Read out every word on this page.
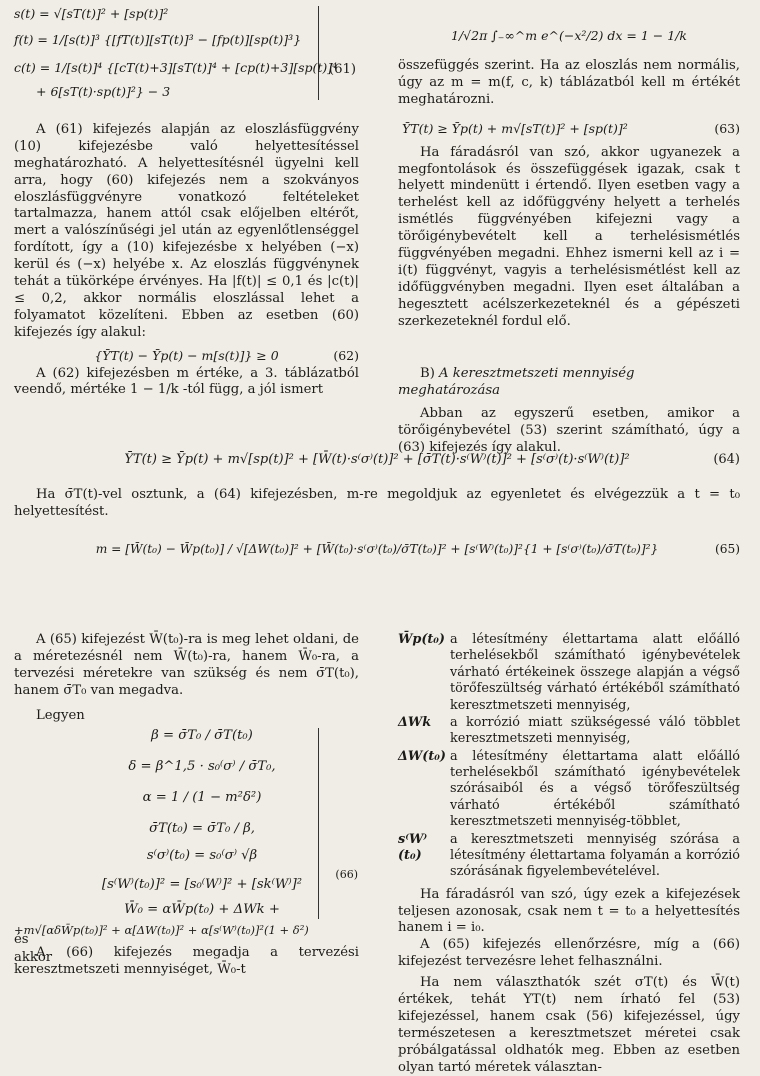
s(t) = √[sT(t)]² + [sp(t)]²
f(t) = 1/[s(t)]³ {[fT(t)][sT(t)]³ − [fp(t)][sp(t)]³}
c(t) = 1/[s(t)]⁴ {[cT(t)+3][sT(t)]⁴ + [cp(t)+3][sp(t)]⁴
+ 6[sT(t)·sp(t)]²} − 3
(61)

A (61) kifejezés alapján az eloszlásfüggvény (10) kifejezésbe való helyettesítéssel meghatározható. A helyettesítésnél ügyelni kell arra, hogy (60) kifejezés nem a szokványos eloszlásfüggvényre vonatkozó feltételeket tartalmazza, hanem attól csak előjelben eltérőt, mert a valószínűségi jel után az egyenlőtlenséggel fordított, így a (10) kifejezésbe x helyében (−x) kerül és (−x) helyébe x. Az eloszlás függvénynek tehát a tükörképe érvényes. Ha |f(t)| ≤ 0,1 és |c(t)| ≤ 0,2, akkor normális eloszlással lehet a folyamatot közelíteni. Ebben az esetben (60) kifejezés így alakul:

{ȲT(t) − Ȳp(t) − m[s(t)]} ≥ 0	(62)

A (62) kifejezésben m értéke, a 3. táblázatból veendő, mértéke 1 − 1/k -tól függ, a jól ismert

1/√2π ∫₋∞^m e^(−x²/2) dx = 1 − 1/k

összefüggés szerint. Ha az eloszlás nem normális, úgy az m = m(f, c, k) táblázatból kell m értékét meghatározni.

ȲT(t) ≥ Ȳp(t) + m√[sT(t)]² + [sp(t)]²	(63)

Ha fáradásról van szó, akkor ugyanezek a megfontolások és összefüggések igazak, csak t helyett mindenütt i értendő. Ilyen esetben vagy a terhelést kell az időfüggvény helyett a terhelés ismétlés függvényében kifejezni vagy a törőigénybevételt kell a terhelésismétlés függvényében megadni. Ehhez ismerni kell az i = i(t) függvényt, vagyis a terhelésismétlést kell az időfüggvényben megadni. Ilyen eset általában a hegesztett acélszerkezeteknél és a gépészeti szerkezeteknél fordul elő.

B) A keresztmetszeti mennyiség meghatározása

Abban az egyszerű esetben, amikor a törőigénybevétel (53) szerint számítható, úgy a (63) kifejezés így alakul.

ȲT(t) ≥ Ȳp(t) + m√[sp(t)]² + [W̄(t)·s⁽σ⁾(t)]² + [σ̄T(t)·s⁽W⁾(t)]² + [s⁽σ⁾(t)·s⁽W⁾(t)]²	(64)

Ha σ̄T(t)-vel osztunk, a (64) kifejezésben, m-re megoldjuk az egyenletet és elvégezzük a t = t₀ helyettesítést.

m = [W̄(t₀) − W̄p(t₀)] / √[ΔW(t₀)]² + [W̄(t₀)·s⁽σ⁾(t₀)/σ̄T(t₀)]² + [s⁽W⁾(t₀)]²{1 + [s⁽σ⁾(t₀)/σ̄T(t₀)]²}	(65)

A (65) kifejezést W̄(t₀)-ra is meg lehet oldani, de a méretezésnél nem W̄(t₀)-ra, hanem W̄₀-ra, a tervezési méretekre van szükség és nem σ̄T(t₀), hanem σ̄T₀ van megadva.

Legyen

és
akkor
β = σ̄T₀ / σ̄T(t₀)
δ = β^1,5 · s₀⁽σ⁾ / σ̄T₀,
α = 1 / (1 − m²δ²)
σ̄T(t₀) = σ̄T₀ / β,
s⁽σ⁾(t₀) = s₀⁽σ⁾ √β
[s⁽W⁾(t₀)]² = [s₀⁽W⁾]² + [sk⁽W⁾]²
W̄₀ = αW̄p(t₀) + ΔWk +
(66)
+m√[αδW̄p(t₀)]² + α[ΔW(t₀)]² + α[s⁽W⁾(t₀)]²(1 + δ²)

A (66) kifejezés megadja a tervezési keresztmetszeti mennyiséget, W̄₀-t

W̄p(t₀) a létesítmény élettartama alatt előálló terhelésekből számítható igénybevételek várható értékeinek összege alapján a végső törőfeszültség várható értékéből számítható keresztmetszeti mennyiség,
ΔWk	a korrózió miatt szükségessé váló többlet keresztmetszeti mennyiség,
ΔW(t₀) a létesítmény élettartama alatt előálló terhelésekből számítható igénybevételek szórásaiból és a végső törőfeszültség várható értékéből számítható keresztmetszeti mennyiség-többlet,
s⁽W⁾(t₀)
a keresztmetszeti mennyiség szórása a létesítmény élettartama folyamán a korrózió szórásának figyelembevételével.

Ha fáradásról van szó, úgy ezek a kifejezések teljesen azonosak, csak nem t = t₀ a helyettesítés hanem i = i₀.

A (65) kifejezés ellenőrzésre, míg a (66) kifejezést tervezésre lehet felhasználni.

Ha nem választhatók szét σT(t) és W̄(t) értékek, tehát YT(t) nem írható fel (53) kifejezéssel, hanem csak (56) kifejezéssel, úgy természetesen a keresztmetszet méretei csak próbálgatással oldhatók meg. Ebben az esetben olyan tartó méretek választan-
